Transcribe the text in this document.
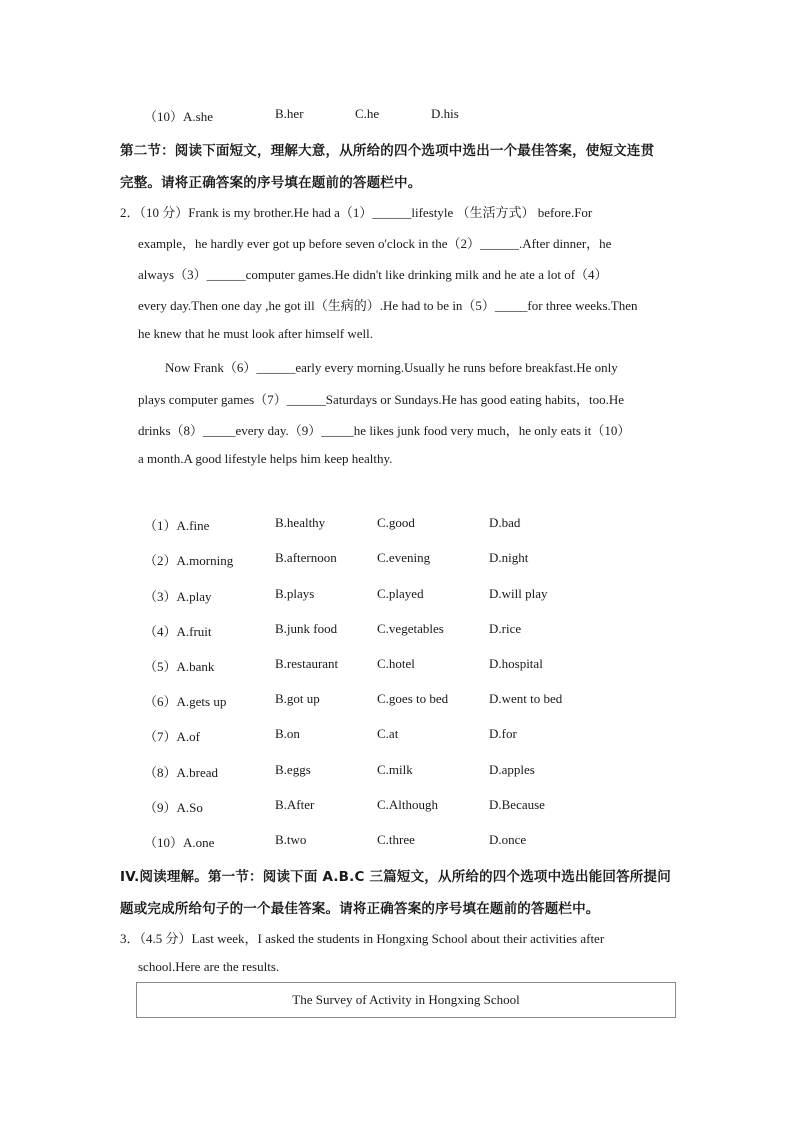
（10）A.she	B.her	C.he	D.his
第二节：阅读下面短文，理解大意，从所给的四个选项中选出一个最佳答案，使短文连贯
完整。请将正确答案的序号填在题前的答题栏中。
2．（10 分）Frank is my brother.He had a（1）______lifestyle （生活方式） before.For
example，he hardly ever got up before seven o'clock in the（2）______.After dinner，he
always（3）______computer games.He didn't like drinking milk and he ate a lot of（4）
every day.Then one day ,he got ill（生病的）.He had to be in（5）_____for three weeks.Then
he knew that he must look after himself well.
Now Frank（6）______early every morning.Usually he runs before breakfast.He only
plays computer games（7）______Saturdays or Sundays.He has good eating habits，too.He
drinks（8）_____every day.（9）_____he likes junk food very much，he only eats it（10）
a month.A good lifestyle helps him keep healthy.
（1）A.fine	B.healthy	C.good	D.bad
（2）A.morning	B.afternoon	C.evening	D.night
（3）A.play	B.plays	C.played	D.will play
（4）A.fruit	B.junk food	C.vegetables	D.rice
（5）A.bank	B.restaurant	C.hotel	D.hospital
（6）A.gets up	B.got up	C.goes to bed	D.went to bed
（7）A.of	B.on	C.at	D.for
（8）A.bread	B.eggs	C.milk	D.apples
（9）A.So	B.After	C.Although	D.Because
（10）A.one	B.two	C.three	D.once
IV.阅读理解。第一节：阅读下面 A.B.C 三篇短文，从所给的四个选项中选出能回答所提问
题或完成所给句子的一个最佳答案。请将正确答案的序号填在题前的答题栏中。
3．（4.5 分）Last week，I asked the students in Hongxing School about their activities after
school.Here are the results.
The Survey of Activity in Hongxing School
